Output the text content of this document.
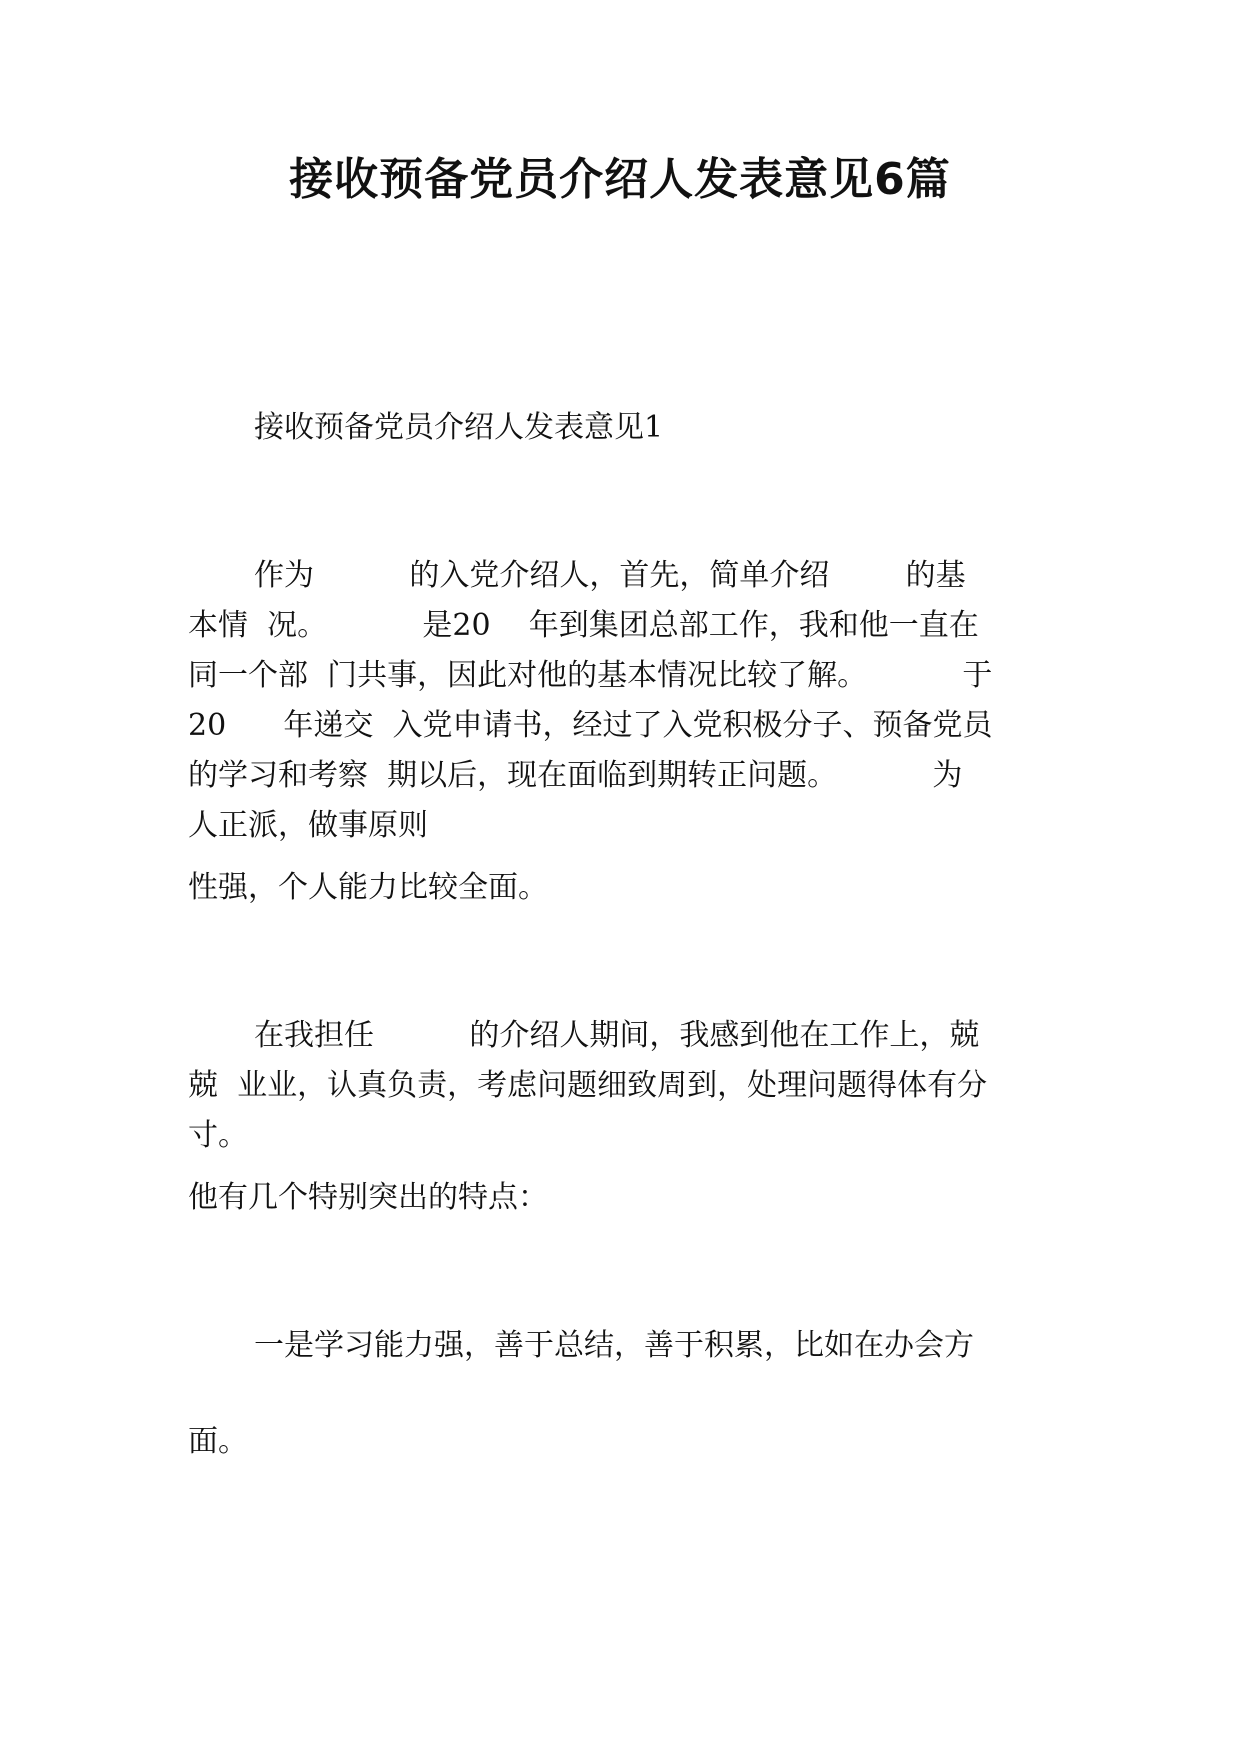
接收预备党员介绍人发表意见6篇
接收预备党员介绍人发表意见1
作为          的入党介绍人，首先，简单介绍        的基
本情  况。          是20    年到集团总部工作，我和他一直在
同一个部  门共事，因此对他的基本情况比较了解。          于
20      年递交  入党申请书，经过了入党积极分子、预备党员
的学习和考察  期以后，现在面临到期转正问题。          为
人正派，做事原则
性强，个人能力比较全面。
在我担任          的介绍人期间，我感到他在工作上，兢
兢  业业，认真负责，考虑问题细致周到，处理问题得体有分
寸。
他有几个特别突出的特点：
一是学习能力强，善于总结，善于积累，比如在办会方
面。
